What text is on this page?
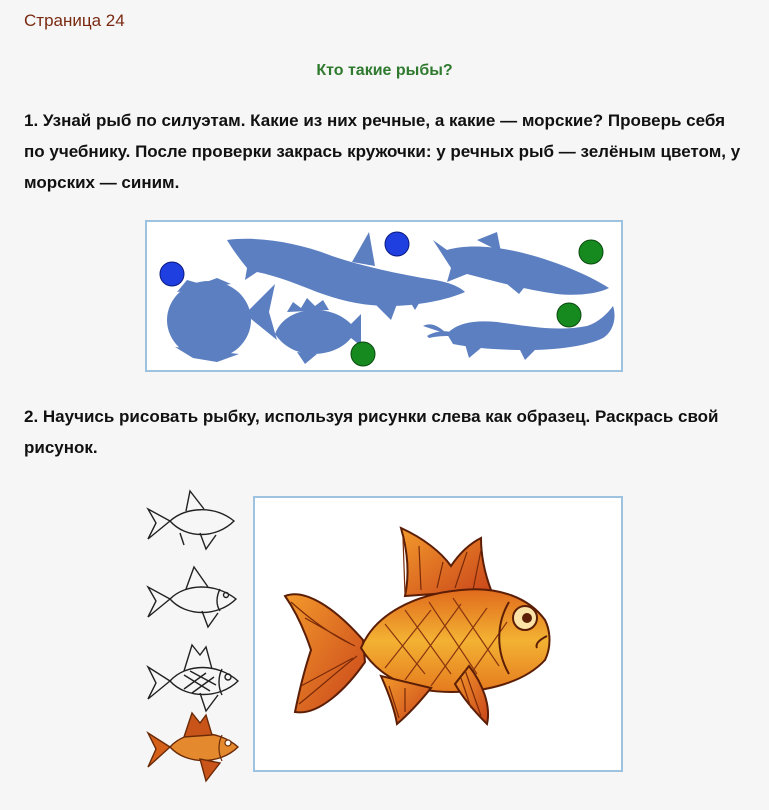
Страница 24
Кто такие рыбы?
1. Узнай рыб по силуэтам. Какие из них речные, а какие — морские? Проверь себя по учебнику. После проверки закрась кружочки: у речных рыб — зелёным цветом, у морских — синим.
2. Научись рисовать рыбку, используя рисунки слева как образец. Раскрась свой рисунок.
